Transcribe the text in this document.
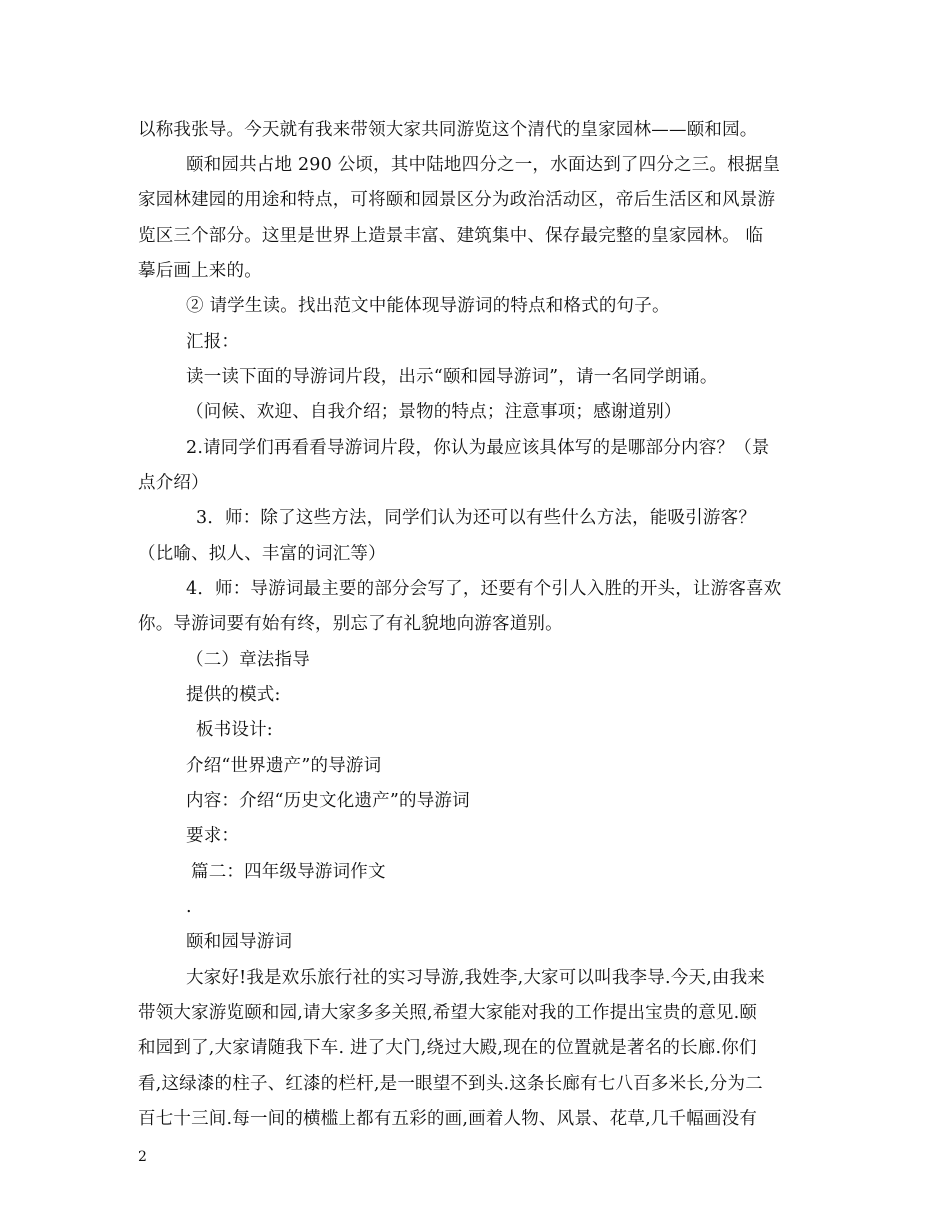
以称我张导。今天就有我来带领大家共同游览这个清代的皇家园林——颐和园。
颐和园共占地 290 公顷，其中陆地四分之一，水面达到了四分之三。根据皇
家园林建园的用途和特点，可将颐和园景区分为政治活动区，帝后生活区和风景游
览区三个部分。这里是世界上造景丰富、建筑集中、保存最完整的皇家园林。 临
摹后画上来的。
② 请学生读。找出范文中能体现导游词的特点和格式的句子。
汇报：
读一读下面的导游词片段，出示“颐和园导游词”，请一名同学朗诵。
（问候、欢迎、自我介绍；景物的特点；注意事项；感谢道别）
2.请同学们再看看导游词片段，你认为最应该具体写的是哪部分内容？（景
点介绍）
3．师：除了这些方法，同学们认为还可以有些什么方法，能吸引游客？
（比喻、拟人、丰富的词汇等）
4．师：导游词最主要的部分会写了，还要有个引人入胜的开头，让游客喜欢
你。导游词要有始有终，别忘了有礼貌地向游客道别。
（二）章法指导
提供的模式:
板书设计:
介绍“世界遗产”的导游词
内容：介绍“历史文化遗产”的导游词
要求：
篇二：四年级导游词作文
.
颐和园导游词
大家好!我是欢乐旅行社的实习导游,我姓李,大家可以叫我李导.今天,由我来
带领大家游览颐和园,请大家多多关照,希望大家能对我的工作提出宝贵的意见.颐
和园到了,大家请随我下车. 进了大门,绕过大殿,现在的位置就是著名的长廊.你们
看,这绿漆的柱子、红漆的栏杆,是一眼望不到头.这条长廊有七八百多米长,分为二
百七十三间.每一间的横槛上都有五彩的画,画着人物、风景、花草,几千幅画没有
2
